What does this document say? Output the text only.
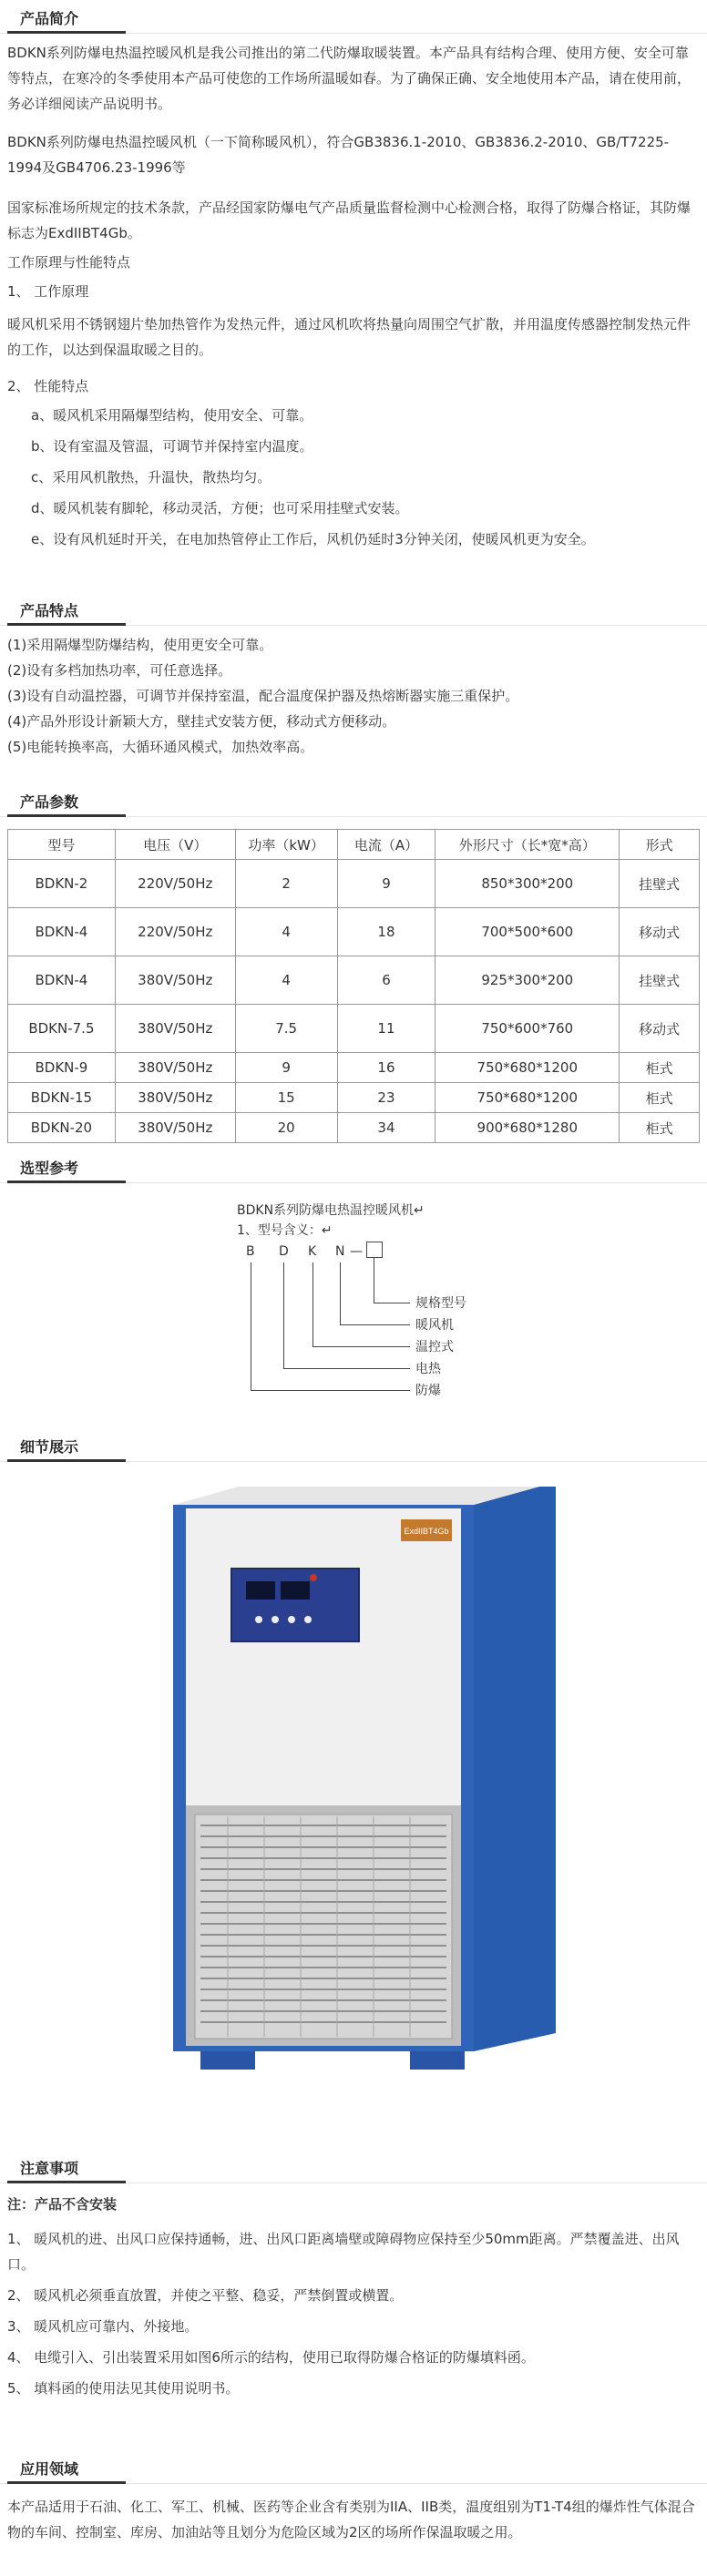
产品简介
BDKN系列防爆电热温控暖风机是我公司推出的第二代防爆取暖装置。本产品具有结构合理、使用方便、安全可靠等特点，在寒冷的冬季使用本产品可使您的工作场所温暖如春。为了确保正确、安全地使用本产品，请在使用前，务必详细阅读产品说明书。
BDKN系列防爆电热温控暖风机（一下简称暖风机），符合GB3836.1-2010、GB3836.2-2010、GB/T7225-1994及GB4706.23-1996等
国家标准场所规定的技术条款，产品经国家防爆电气产品质量监督检测中心检测合格，取得了防爆合格证，其防爆标志为ExdIIBT4Gb。
工作原理与性能特点
1、 工作原理
暖风机采用不锈钢翅片垫加热管作为发热元件，通过风机吹将热量向周围空气扩散，并用温度传感器控制发热元件的工作，以达到保温取暖之目的。
2、 性能特点
a、暖风机采用隔爆型结构，使用安全、可靠。
b、设有室温及管温，可调节并保持室内温度。
c、采用风机散热，升温快，散热均匀。
d、暖风机装有脚轮，移动灵活，方便；也可采用挂壁式安装。
e、设有风机延时开关，在电加热管停止工作后，风机仍延时3分钟关闭，使暖风机更为安全。
产品特点
(1)采用隔爆型防爆结构，使用更安全可靠。
(2)设有多档加热功率，可任意选择。
(3)设有自动温控器，可调节并保持室温，配合温度保护器及热熔断器实施三重保护。
(4)产品外形设计新颖大方，壁挂式安装方便，移动式方便移动。
(5)电能转换率高，大循环通风模式，加热效率高。
产品参数
型号	电压（V）	功率（kW）	电流（A）	外形尺寸（长*宽*高）	形式
BDKN-2	220V/50Hz	2	9	850*300*200	挂壁式
BDKN-4	220V/50Hz	4	18	700*500*600	移动式
BDKN-4	380V/50Hz	4	6	925*300*200	挂壁式
BDKN-7.5	380V/50Hz	7.5	11	750*600*760	移动式
BDKN-9	380V/50Hz	9	16	750*680*1200	柜式
BDKN-15	380V/50Hz	15	23	750*680*1200	柜式
BDKN-20	380V/50Hz	20	34	900*680*1280	柜式
选型参考
BDKN系列防爆电热温控暖风机↵
1、型号含义：↵
B D K N —
规格型号
暖风机
温控式
电热
防爆
细节展示
ExdIIBT4Gb
注意事项
注：产品不含安装
1、 暖风机的进、出风口应保持通畅，进、出风口距离墙壁或障碍物应保持至少50mm距离。严禁覆盖进、出风口。
2、 暖风机必须垂直放置，并使之平整、稳妥，严禁倒置或横置。
3、 暖风机应可靠内、外接地。
4、 电缆引入、引出装置采用如图6所示的结构，使用已取得防爆合格证的防爆填料函。
5、 填料函的使用法见其使用说明书。
应用领域
本产品适用于石油、化工、军工、机械、医药等企业含有类别为IIA、IIB类，温度组别为T1-T4组的爆炸性气体混合物的车间、控制室、库房、加油站等且划分为危险区域为2区的场所作保温取暖之用。
